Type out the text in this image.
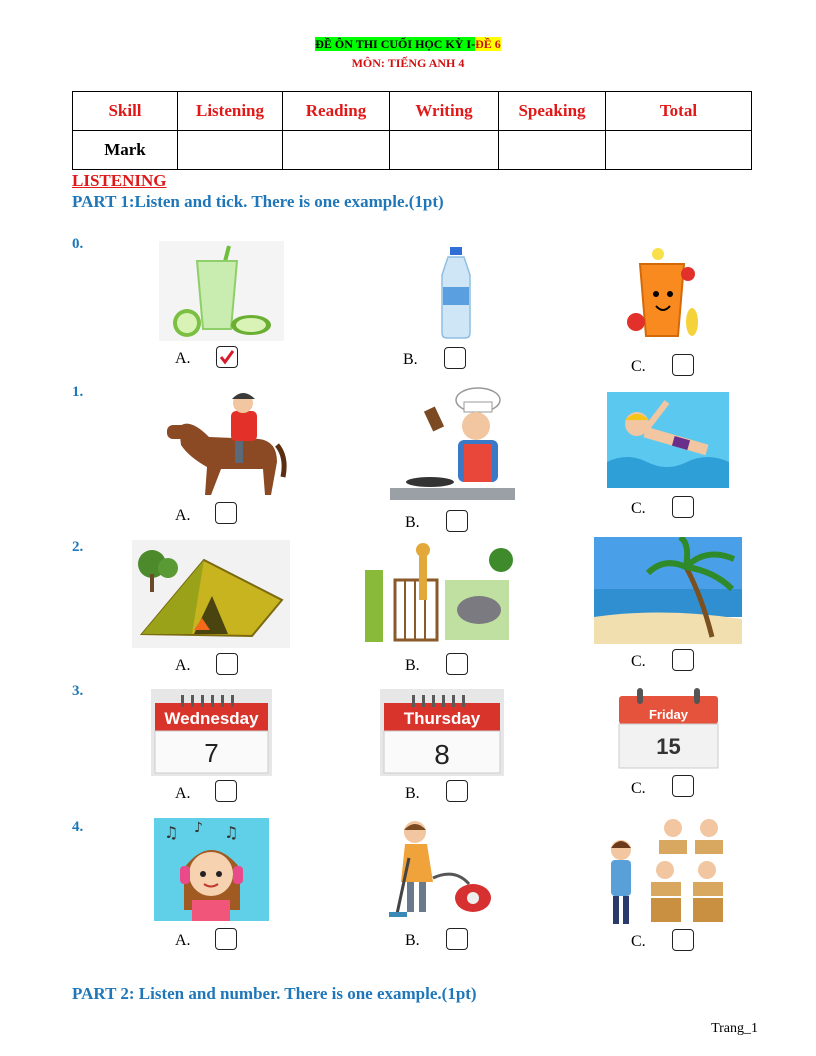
ĐỀ ÔN THI CUỐI HỌC KỲ I-ĐỀ 6
MÔN: TIẾNG ANH 4
Skill	Listening	Reading	Writing	Speaking	Total
Mark					
LISTENING
PART 1:Listen and tick. There is one example.(1pt)
0.
1.
2.
3.
4.
A.	B.	C.
A.	B.
C.
A.	B.	C.
Wednesday
7
A.
Thursday
8
B.
Friday
15
C.
♫	♫
♪
A.	B.	C.
PART 2: Listen and number. There is one example.(1pt)
Trang_1
